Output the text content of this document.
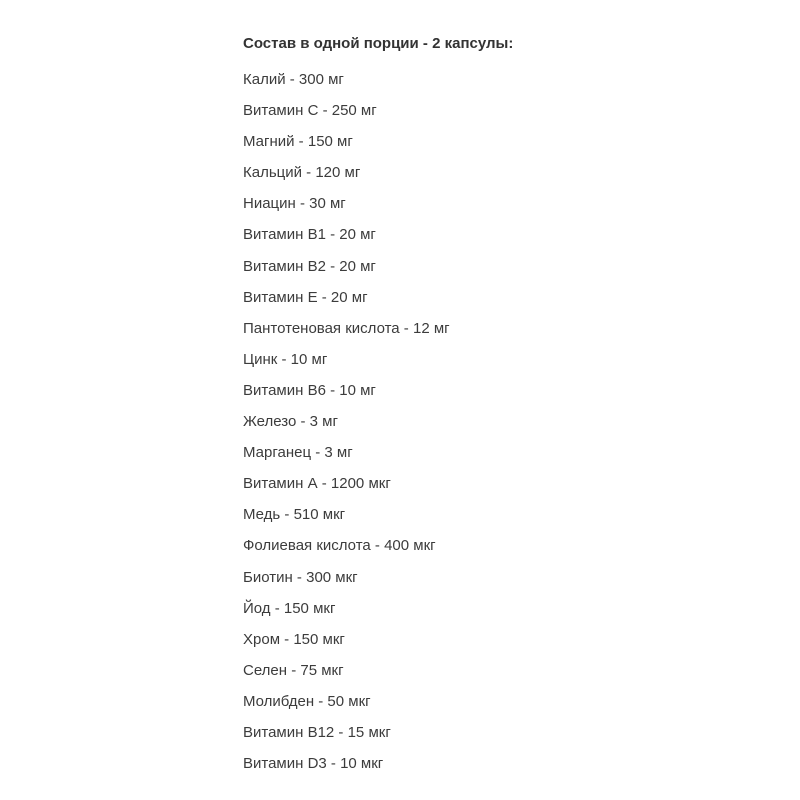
Состав в одной порции - 2 капсулы:
Калий - 300 мг
Витамин С - 250 мг
Магний - 150 мг
Кальций - 120 мг
Ниацин - 30 мг
Витамин В1 - 20 мг
Витамин В2 - 20 мг
Витамин Е - 20 мг
Пантотеновая кислота - 12 мг
Цинк - 10 мг
Витамин В6 - 10 мг
Железо - 3 мг
Марганец - 3 мг
Витамин А - 1200 мкг
Медь - 510 мкг
Фолиевая кислота - 400 мкг
Биотин - 300 мкг
Йод - 150 мкг
Хром - 150 мкг
Селен - 75 мкг
Молибден - 50 мкг
Витамин В12 - 15 мкг
Витамин D3 - 10 мкг
